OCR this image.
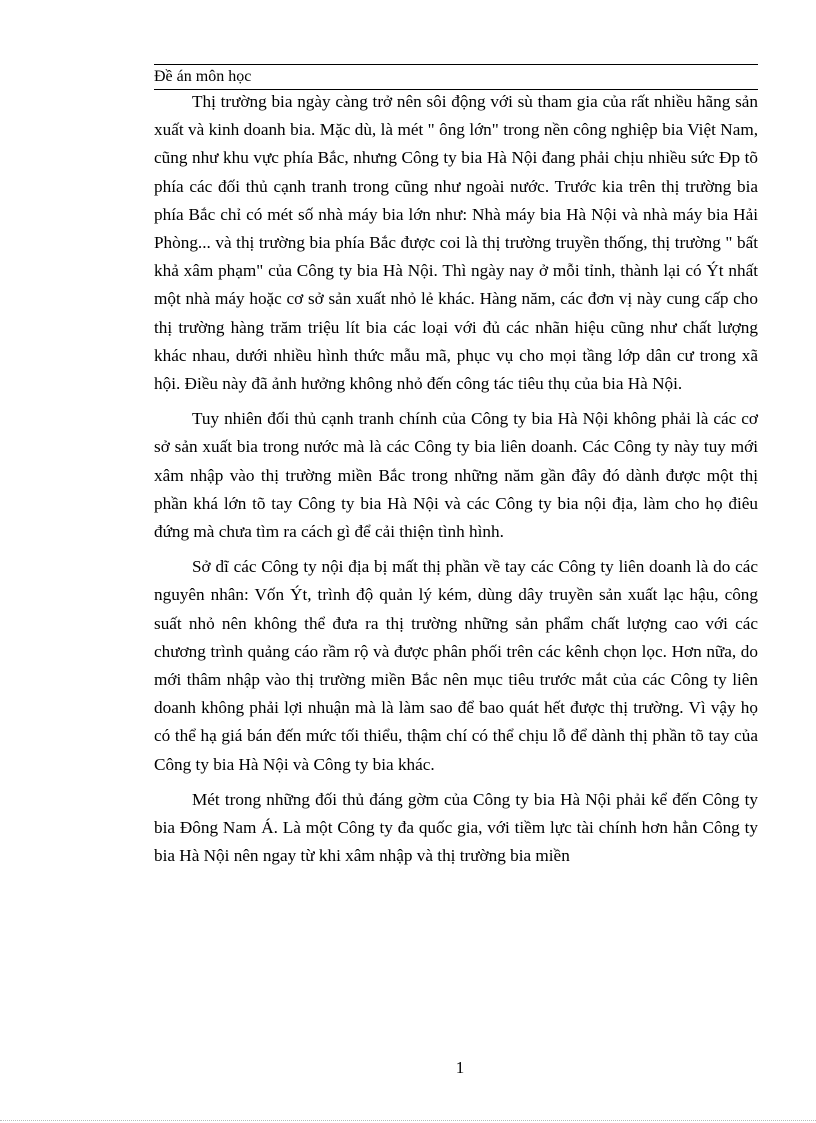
Đề án môn học

Thị trường bia ngày càng trở nên sôi động với sù tham gia của rất nhiều hãng sản xuất và kinh doanh bia. Mặc dù, là mét " ông lớn" trong nền công nghiệp bia Việt Nam, cũng như khu vực phía Bắc, nhưng Công ty bia Hà Nội đang phải chịu nhiều sức Đp tõ phía các đối thủ cạnh tranh trong cũng như ngoài nước. Trước kia trên thị trường bia phía Bắc chỉ có mét số nhà máy bia lớn như: Nhà máy bia Hà Nội và nhà máy bia Hải Phòng... và thị trường bia phía Bắc được coi là thị trường truyền thống, thị trường " bất khả xâm phạm" của Công ty bia Hà Nội. Thì ngày nay ở mỗi tỉnh, thành lại có Ýt nhất một nhà máy hoặc cơ sở sản xuất nhỏ lẻ khác. Hàng năm, các đơn vị này cung cấp cho thị trường hàng trăm triệu lít bia các loại với đủ các nhãn hiệu cũng như chất lượng khác nhau, dưới nhiều hình thức mẫu mã, phục vụ cho mọi tầng lớp dân cư trong xã hội. Điều này đã ảnh hưởng không nhỏ đến công tác tiêu thụ của bia Hà Nội.

Tuy nhiên đối thủ cạnh tranh chính của Công ty bia Hà Nội không phải là các cơ sở sản xuất bia trong nước mà là các Công ty bia liên doanh. Các Công ty này tuy mới xâm nhập vào thị trường miền Bắc trong những năm gần đây đó dành được một thị phần khá lớn tõ tay Công ty bia Hà Nội và các Công ty bia nội địa, làm cho họ điêu đứng mà chưa tìm ra cách gì để cải thiện tình hình.

Sở dĩ các Công ty nội địa bị mất thị phần về tay các Công ty liên doanh là do các nguyên nhân: Vốn Ýt, trình độ quản lý kém, dùng dây truyền sản xuất lạc hậu, công suất nhỏ nên không thể đưa ra thị trường những sản phẩm chất lượng cao với các chương trình quảng cáo rầm rộ và được phân phối trên các kênh chọn lọc. Hơn nữa, do mới thâm nhập vào thị trường miền Bắc nên mục tiêu trước mắt của các Công ty liên doanh không phải lợi nhuận mà là làm sao để bao quát hết được thị trường. Vì vậy họ có thể hạ giá bán đến mức tối thiểu, thậm chí có thể chịu lỗ để dành thị phần tõ tay của Công ty bia Hà Nội và Công ty bia khác.

Mét trong những đối thủ đáng gờm của Công ty bia Hà Nội phải kể đến Công ty bia Đông Nam Á. Là một Công ty đa quốc gia, với tiềm lực tài chính hơn hẳn Công ty bia Hà Nội nên ngay từ khi xâm nhập và thị trường bia miền

1
